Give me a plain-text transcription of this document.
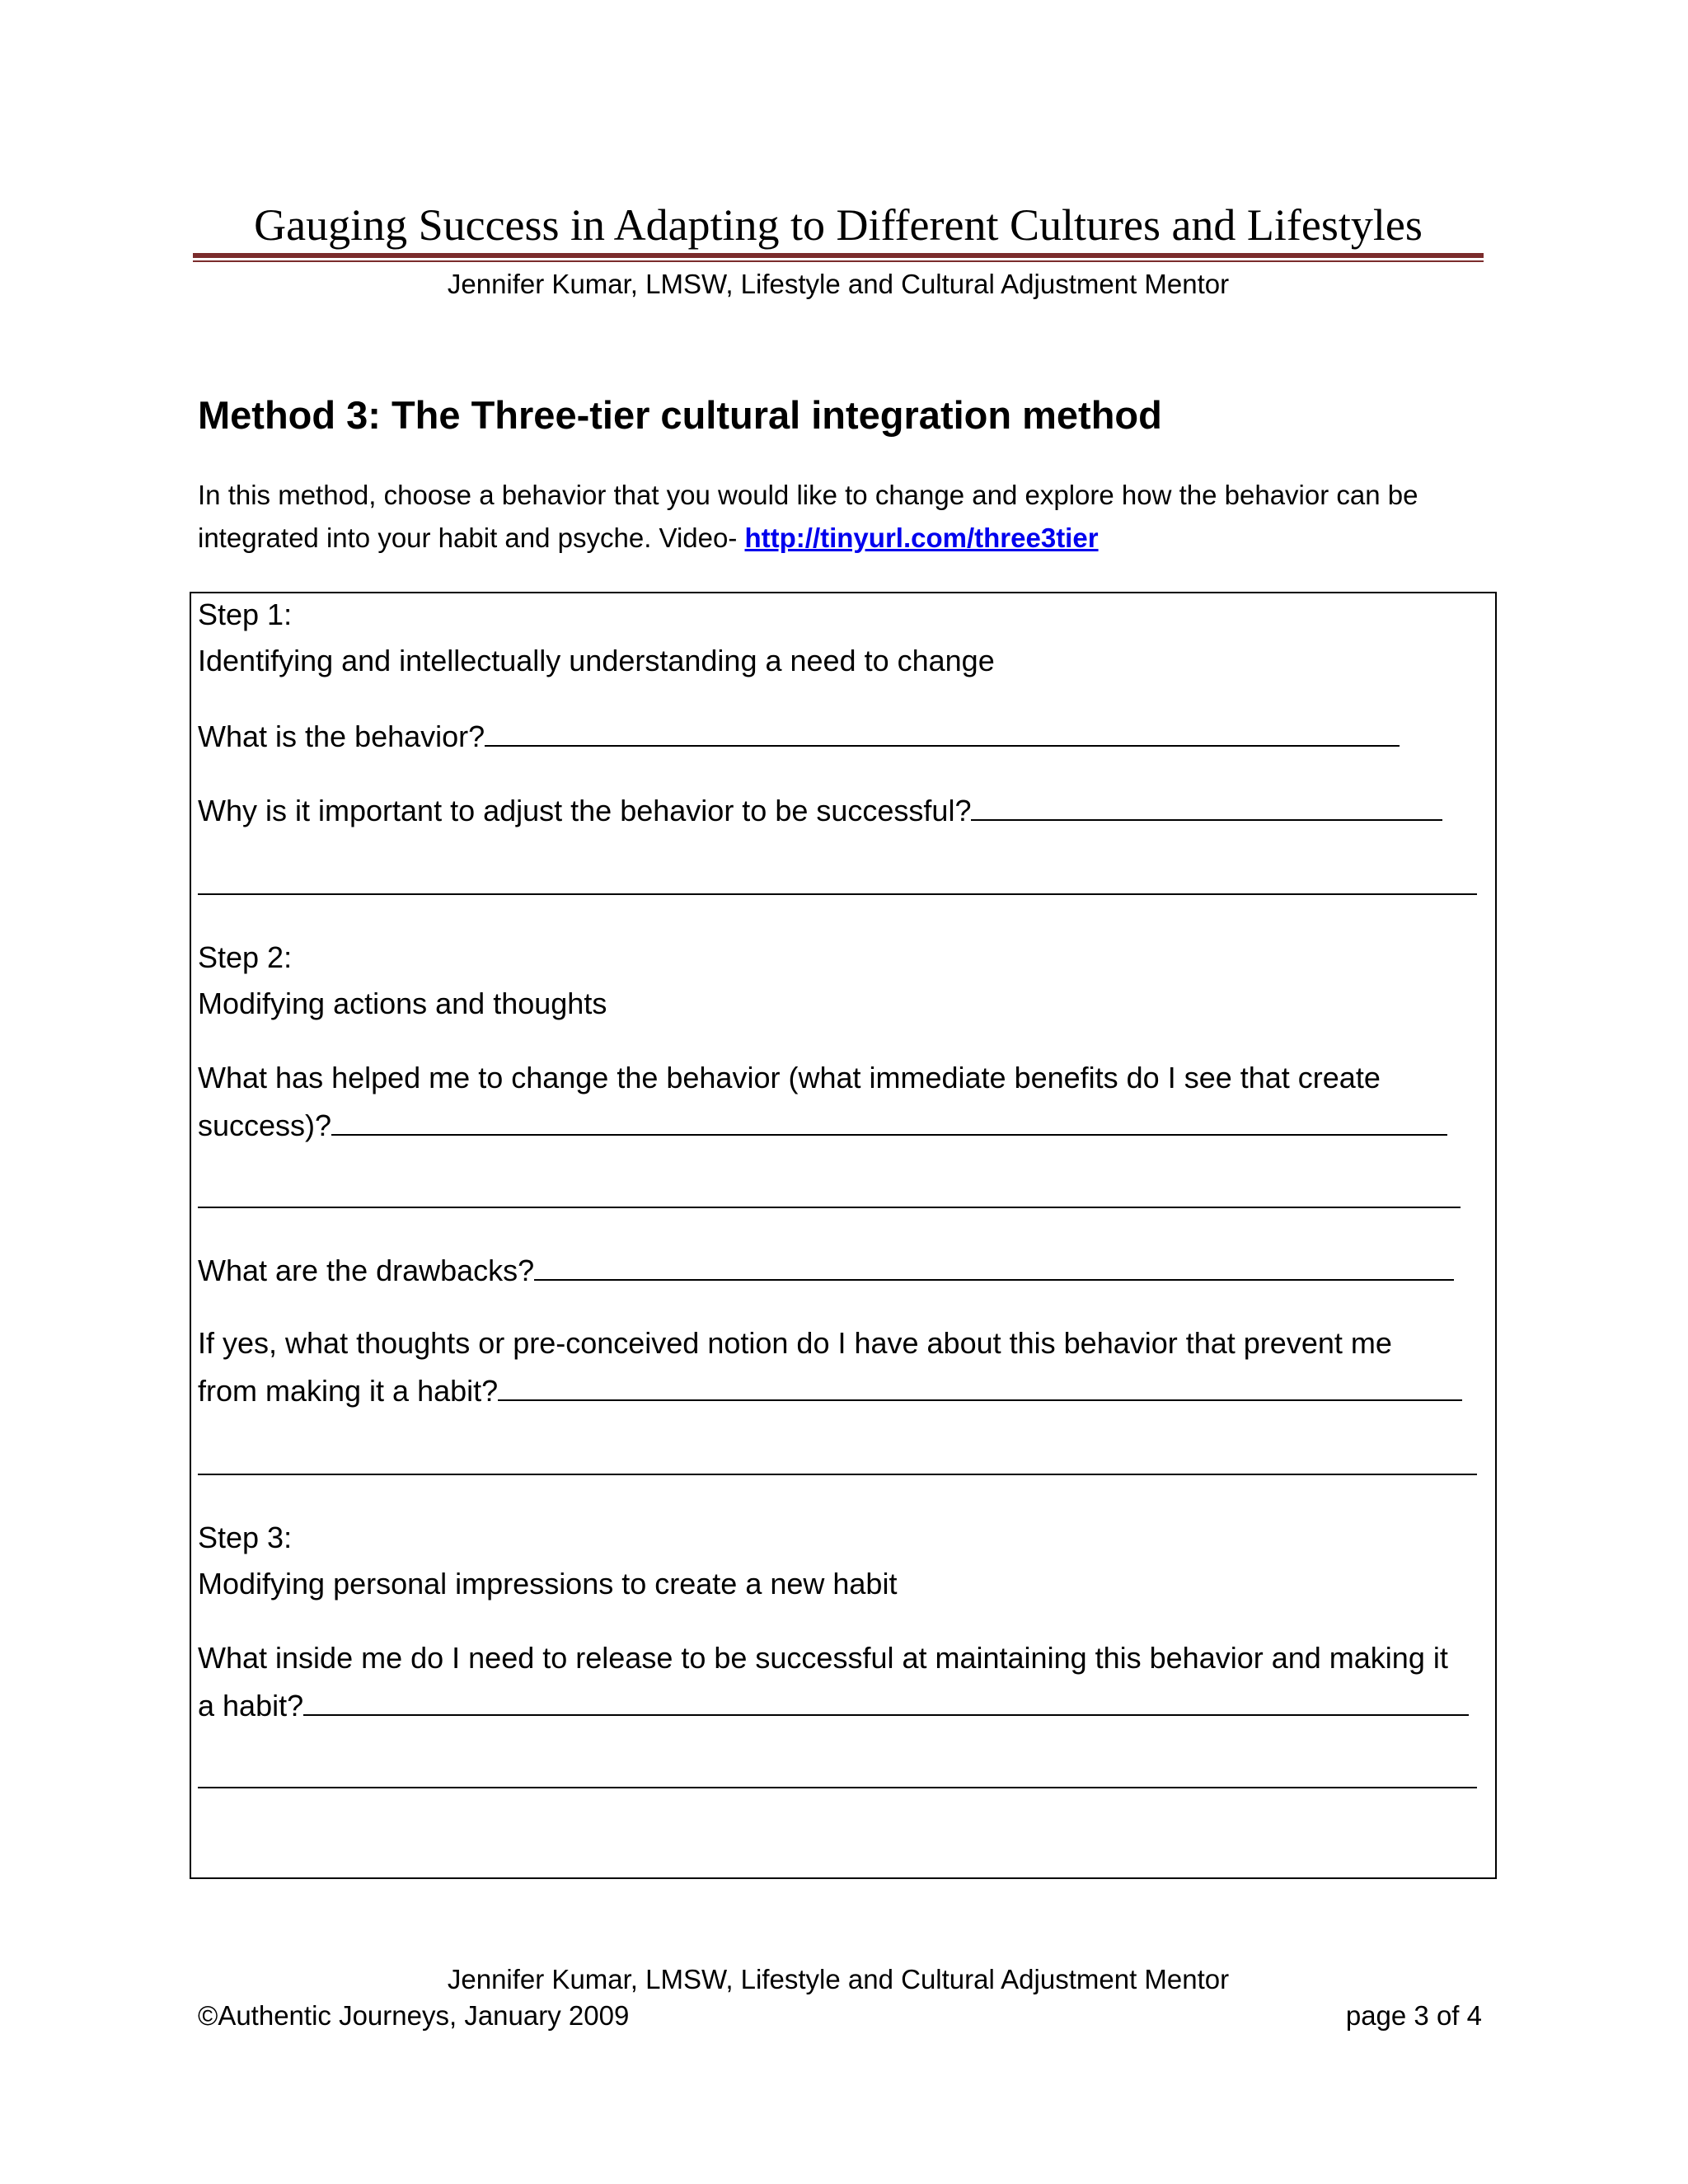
Gauging Success in Adapting to Different Cultures and Lifestyles
Jennifer Kumar, LMSW, Lifestyle and Cultural Adjustment Mentor
Method 3: The Three-tier cultural integration method

In this method, choose a behavior that you would like to change and explore how the behavior can be

integrated into your habit and psyche. Video- http://tinyurl.com/three3tier

Step 1:
Identifying and intellectually understanding a need to change
What is the behavior?
Why is it important to adjust the behavior to be successful?
Step 2:
Modifying actions and thoughts
What has helped me to change the behavior (what immediate benefits do I see that create
success)?
What are the drawbacks?
If yes, what thoughts or pre-conceived notion do I have about this behavior that prevent me
from making it a habit?
Step 3:
Modifying personal impressions to create a new habit
What inside me do I need to release to be successful at maintaining this behavior and making it
a habit?
Jennifer Kumar, LMSW, Lifestyle and Cultural Adjustment Mentor
©Authentic Journeys, January 2009	page 3 of 4
